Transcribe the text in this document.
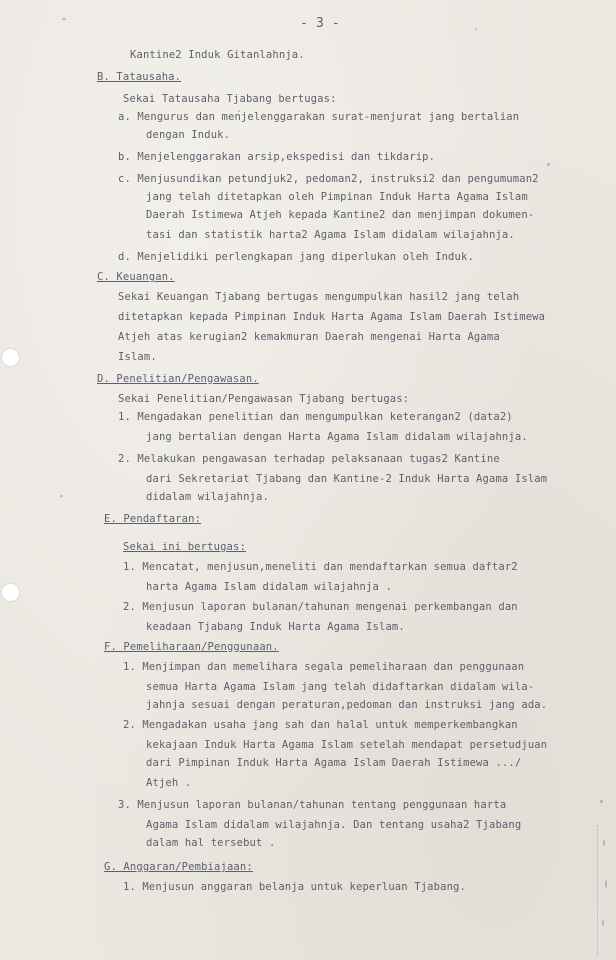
- 3 -
Kantine2 Induk Gitanlahnja.
B. Tatausaha.
Sekai Tatausaha Tjabang bertugas:
a. Mengurus dan menjelenggarakan surat-menjurat jang bertalian
dengan Induk.
b. Menjelenggarakan arsip,ekspedisi dan tikdarip.
c. Menjusundikan petundjuk2, pedoman2, instruksi2 dan pengumuman2
jang telah ditetapkan oleh Pimpinan Induk Harta Agama Islam
Daerah Istimewa Atjeh kepada Kantine2 dan menjimpan dokumen-
tasi dan statistik harta2 Agama Islam didalam wilajahnja.
d. Menjelidiki perlengkapan jang diperlukan oleh Induk.
C. Keuangan.
Sekai Keuangan Tjabang bertugas mengumpulkan hasil2 jang telah
ditetapkan kepada Pimpinan Induk Harta Agama Islam Daerah Istimewa
Atjeh atas kerugian2 kemakmuran Daerah mengenai Harta Agama
Islam.
D. Penelitian/Pengawasan.
Sekai Penelitian/Pengawasan Tjabang bertugas:
1. Mengadakan penelitian dan mengumpulkan keterangan2 (data2)
jang bertalian dengan Harta Agama Islam didalam wilajahnja.
2. Melakukan pengawasan terhadap pelaksanaan tugas2 Kantine
dari Sekretariat Tjabang dan Kantine-2 Induk Harta Agama Islam
didalam wilajahnja.
E. Pendaftaran:
Sekai ini bertugas:
1. Mencatat, menjusun,meneliti dan mendaftarkan semua daftar2
harta Agama Islam didalam wilajahnja .
2. Menjusun laporan bulanan/tahunan mengenai perkembangan dan
keadaan Tjabang Induk Harta Agama Islam.
F. Pemeliharaan/Penggunaan.
1. Menjimpan dan memelihara segala pemeliharaan dan penggunaan
semua Harta Agama Islam jang telah didaftarkan didalam wila-
jahnja sesuai dengan peraturan,pedoman dan instruksi jang ada.
2. Mengadakan usaha jang sah dan halal untuk memperkembangkan
kekajaan Induk Harta Agama Islam setelah mendapat persetudjuan
dari Pimpinan Induk Harta Agama Islam Daerah Istimewa .../
Atjeh .
3. Menjusun laporan bulanan/tahunan tentang penggunaan harta
Agama Islam didalam wilajahnja. Dan tentang usaha2 Tjabang
dalam hal tersebut .
G. Anggaran/Pembiajaan:
1. Menjusun anggaran belanja untuk keperluan Tjabang.
